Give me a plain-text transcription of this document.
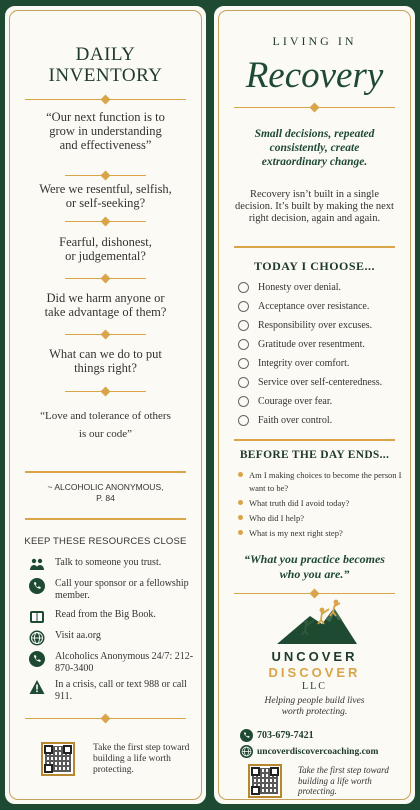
DAILY
INVENTORY
“Our next function is to grow in understanding and effectiveness”
Were we resentful, selfish, or self-seeking?
Fearful, dishonest, or judgemental?
Did we harm anyone or take advantage of them?
What can we do to put things right?
“Love and tolerance of others
is our code”
~ ALCOHOLIC ANONYMOUS,
P. 84
KEEP THESE RESOURCES CLOSE
Talk to someone you trust.
Call your sponsor or a fellowship member.
Read from the Big Book.
Visit aa.org
Alcoholics Anonymous 24/7: 212-870-3400
In a crisis, call or text 988 or call 911.
Take the first step toward building a life worth protecting.
LIVING IN
Recovery
Small decisions, repeated consistently, create extraordinary change.
Recovery isn’t built in a single decision. It’s built by making the next right decision, again and again.
TODAY I CHOOSE...
Honesty over denial.
Acceptance over resistance.
Responsibility over excuses.
Gratitude over resentment.
Integrity over comfort.
Service over self-centeredness.
Courage over fear.
Faith over control.
BEFORE THE DAY ENDS...
Am I making choices to become the person I want to be?
What truth did I avoid today?
Who did I help?
What is my next right step?
“What you practice becomes who you are.”
UNCOVER
DISCOVER
LLC
Helping people build lives worth protecting.
703-679-7421
uncoverdiscovercoaching.com
Take the first step toward building a life worth protecting.
